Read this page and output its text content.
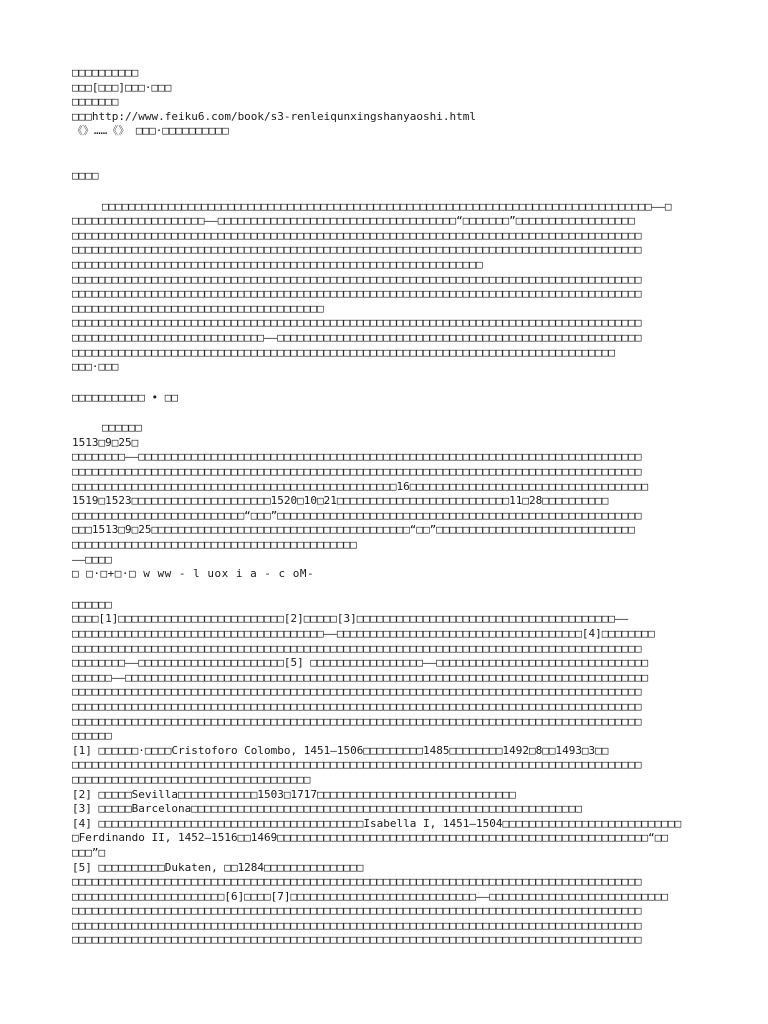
□□□□□□□□□□
□□□[□□□]□□□·□□□
□□□□□□□
□□□http://www.feiku6.com/book/s3-renleiqunxingshanyaoshi.html
《》……《》 □□□·□□□□□□□□□□
□□□□
□□□□□□□□□□□□□□□□□□□□□□□□□□□□□□□□□□□□□□□□□□□□□□□□□□□□□□□□□□□□□□□□□□□□□□□□□□□□□□□□□□□——□
□□□□□□□□□□□□□□□□□□□□——□□□□□□□□□□□□□□□□□□□□□□□□□□□□□□□□□□□□“□□□□□□□”□□□□□□□□□□□□□□□□□□
□□□□□□□□□□□□□□□□□□□□□□□□□□□□□□□□□□□□□□□□□□□□□□□□□□□□□□□□□□□□□□□□□□□□□□□□□□□□□□□□□□□□□□
□□□□□□□□□□□□□□□□□□□□□□□□□□□□□□□□□□□□□□□□□□□□□□□□□□□□□□□□□□□□□□□□□□□□□□□□□□□□□□□□□□□□□□
□□□□□□□□□□□□□□□□□□□□□□□□□□□□□□□□□□□□□□□□□□□□□□□□□□□□□□□□□□□□□□
□□□□□□□□□□□□□□□□□□□□□□□□□□□□□□□□□□□□□□□□□□□□□□□□□□□□□□□□□□□□□□□□□□□□□□□□□□□□□□□□□□□□□□
□□□□□□□□□□□□□□□□□□□□□□□□□□□□□□□□□□□□□□□□□□□□□□□□□□□□□□□□□□□□□□□□□□□□□□□□□□□□□□□□□□□□□□
□□□□□□□□□□□□□□□□□□□□□□□□□□□□□□□□□□□□□□
□□□□□□□□□□□□□□□□□□□□□□□□□□□□□□□□□□□□□□□□□□□□□□□□□□□□□□□□□□□□□□□□□□□□□□□□□□□□□□□□□□□□□□
□□□□□□□□□□□□□□□□□□□□□□□□□□□□□——□□□□□□□□□□□□□□□□□□□□□□□□□□□□□□□□□□□□□□□□□□□□□□□□□□□□□□□
□□□□□□□□□□□□□□□□□□□□□□□□□□□□□□□□□□□□□□□□□□□□□□□□□□□□□□□□□□□□□□□□□□□□□□□□□□□□□□□□□□
□□□·□□□
□□□□□□□□□□□ • □□
□□□□□□
1513□9□25□
□□□□□□□□——□□□□□□□□□□□□□□□□□□□□□□□□□□□□□□□□□□□□□□□□□□□□□□□□□□□□□□□□□□□□□□□□□□□□□□□□□□□□
□□□□□□□□□□□□□□□□□□□□□□□□□□□□□□□□□□□□□□□□□□□□□□□□□□□□□□□□□□□□□□□□□□□□□□□□□□□□□□□□□□□□□□
□□□□□□□□□□□□□□□□□□□□□□□□□□□□□□□□□□□□□□□□□□□□□□□□□16□□□□□□□□□□□□□□□□□□□□□□□□□□□□□□□□□□□□
1519□1523□□□□□□□□□□□□□□□□□□□□□1520□10□21□□□□□□□□□□□□□□□□□□□□□□□□□□11□28□□□□□□□□□□
□□□□□□□□□□□□□□□□□□□□□□□□□□“□□□”□□□□□□□□□□□□□□□□□□□□□□□□□□□□□□□□□□□□□□□□□□□□□□□□□□□□□□□
□□□1513□9□25□□□□□□□□□□□□□□□□□□□□□□□□□□□□□□□□□□□□□□□“□□”□□□□□□□□□□□□□□□□□□□□□□□□□□□□□□
□□□□□□□□□□□□□□□□□□□□□□□□□□□□□□□□□□□□□□□□□□□
——□□□□
□ □·□+□·□ w ww - l uox i a - c oM-
□□□□□□
□□□□[1]□□□□□□□□□□□□□□□□□□□□□□□□□[2]□□□□□[3]□□□□□□□□□□□□□□□□□□□□□□□□□□□□□□□□□□□□□□□——
□□□□□□□□□□□□□□□□□□□□□□□□□□□□□□□□□□□□□□——□□□□□□□□□□□□□□□□□□□□□□□□□□□□□□□□□□□□□[4]□□□□□□□□
□□□□□□□□□□□□□□□□□□□□□□□□□□□□□□□□□□□□□□□□□□□□□□□□□□□□□□□□□□□□□□□□□□□□□□□□□□□□□□□□□□□□□□
□□□□□□□□——□□□□□□□□□□□□□□□□□□□□□□[5] □□□□□□□□□□□□□□□□□——□□□□□□□□□□□□□□□□□□□□□□□□□□□□□□□□
□□□□□□——□□□□□□□□□□□□□□□□□□□□□□□□□□□□□□□□□□□□□□□□□□□□□□□□□□□□□□□□□□□□□□□□□□□□□□□□□□□□□□□
□□□□□□□□□□□□□□□□□□□□□□□□□□□□□□□□□□□□□□□□□□□□□□□□□□□□□□□□□□□□□□□□□□□□□□□□□□□□□□□□□□□□□□
□□□□□□□□□□□□□□□□□□□□□□□□□□□□□□□□□□□□□□□□□□□□□□□□□□□□□□□□□□□□□□□□□□□□□□□□□□□□□□□□□□□□□□
□□□□□□□□□□□□□□□□□□□□□□□□□□□□□□□□□□□□□□□□□□□□□□□□□□□□□□□□□□□□□□□□□□□□□□□□□□□□□□□□□□□□□□
□□□□□□
[1] □□□□□□·□□□□Cristoforo Colombo, 1451—1506□□□□□□□□□1485□□□□□□□□1492□8□□1493□3□□
□□□□□□□□□□□□□□□□□□□□□□□□□□□□□□□□□□□□□□□□□□□□□□□□□□□□□□□□□□□□□□□□□□□□□□□□□□□□□□□□□□□□□□
□□□□□□□□□□□□□□□□□□□□□□□□□□□□□□□□□□□□
[2] □□□□□Sevilla□□□□□□□□□□□□1503□1717□□□□□□□□□□□□□□□□□□□□□□□□□□□□□□
[3] □□□□□Barcelona□□□□□□□□□□□□□□□□□□□□□□□□□□□□□□□□□□□□□□□□□□□□□□□□□□□□□□□□□□□
[4] □□□□□□□□□□□□□□□□□□□□□□□□□□□□□□□□□□□□□□□□Isabella I, 1451—1504□□□□□□□□□□□□□□□□□□□□□□□□□□□
□Ferdinando II, 1452—1516□□1469□□□□□□□□□□□□□□□□□□□□□□□□□□□□□□□□□□□□□□□□□□□□□□□□□□□□□□□□“□□
□□□”□
[5] □□□□□□□□□□Dukaten, □□1284□□□□□□□□□□□□□□□
□□□□□□□□□□□□□□□□□□□□□□□□□□□□□□□□□□□□□□□□□□□□□□□□□□□□□□□□□□□□□□□□□□□□□□□□□□□□□□□□□□□□□□
□□□□□□□□□□□□□□□□□□□□□□□[6]□□□□[7]□□□□□□□□□□□□□□□□□□□□□□□□□□□□——□□□□□□□□□□□□□□□□□□□□□□□□□□□
□□□□□□□□□□□□□□□□□□□□□□□□□□□□□□□□□□□□□□□□□□□□□□□□□□□□□□□□□□□□□□□□□□□□□□□□□□□□□□□□□□□□□□
□□□□□□□□□□□□□□□□□□□□□□□□□□□□□□□□□□□□□□□□□□□□□□□□□□□□□□□□□□□□□□□□□□□□□□□□□□□□□□□□□□□□□□
□□□□□□□□□□□□□□□□□□□□□□□□□□□□□□□□□□□□□□□□□□□□□□□□□□□□□□□□□□□□□□□□□□□□□□□□□□□□□□□□□□□□□□
